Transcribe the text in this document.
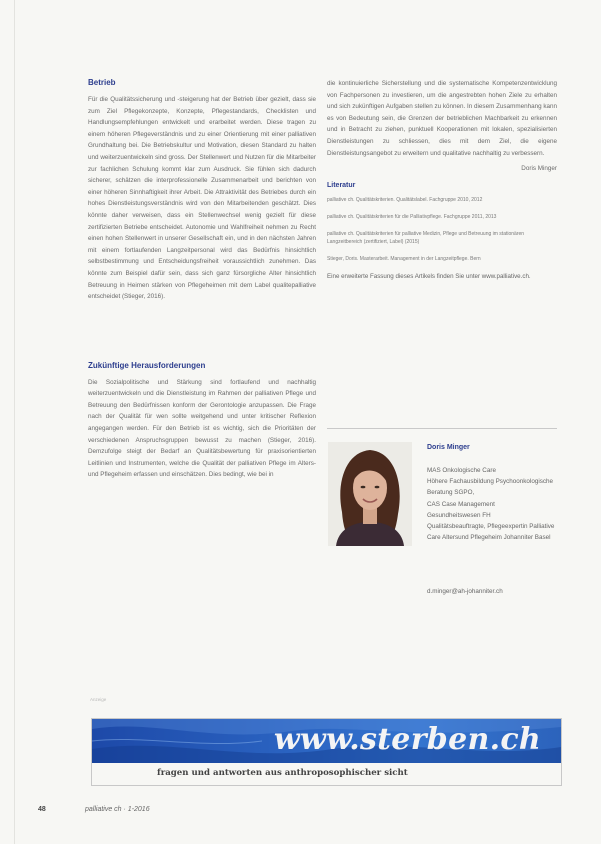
Betrieb

Für die Qualitätssicherung und -steigerung hat der Betrieb über gezielt, dass sie zum Ziel Pflegekonzepte, Konzepte, Pflegestandards, Checklisten und Handlungsempfehlungen entwickelt und erarbeitet werden. Diese tragen zu einem höheren Pflegeverständnis und zu einer Orientierung mit einer palliativen Grundhaltung bei. Die Betriebskultur und Motivation, diesen Standard zu halten und weiterzuentwickeln sind gross. Der Stellenwert und Nutzen für die Mitarbeiter zur fachlichen Schulung kommt klar zum Ausdruck. Sie fühlen sich dadurch sicherer, schätzen die interprofessionelle Zusammenarbeit und berichten von einer höheren Sinnhaftigkeit ihrer Arbeit. Die Attraktivität des Betriebes durch ein hohes Dienstleistungsverständnis wird von den Mitarbeitenden geschätzt. Dies könnte daher verweisen, dass ein Stellenwechsel wenig gezielt für diese zertifizierten Betriebe entscheidet. Autonomie und Wahlfreiheit nehmen zu Recht einen hohen Stellenwert in unserer Gesellschaft ein, und in den nächsten Jahren mit einem fortlaufenden Langzeitpersonal wird das Bedürfnis hinsichtlich selbstbestimmung und Entscheidungsfreiheit voraussichtlich zunehmen. Das könnte zum Beispiel dafür sein, dass sich ganz fürsorgliche Alter hinsichtlich Betreuung in Heimen stärken von Pflegeheimen mit dem Label qualitepalliative entscheidet (Stieger, 2016).

Zukünftige Herausforderungen

Die Sozialpolitische und Stärkung sind fortlaufend und nachhaltig weiterzuentwickeln und die Dienstleistung im Rahmen der palliativen Pflege und Betreuung den Bedürfnissen konform der Gerontologie anzupassen. Die Frage nach der Qualität für wen sollte weitgehend und unter kritischer Reflexion angegangen werden. Für den Betrieb ist es wichtig, sich die Prioritäten der verschiedenen Anspruchsgruppen bewusst zu machen (Stieger, 2016). Demzufolge steigt der Bedarf an Qualitätsbewertung für praxisorientierten Leitlinien und Instrumenten, welche die Qualität der palliativen Pflege im Alters- und Pflegeheim erfassen und einschätzen. Dies bedingt, wie bei in

die kontinuierliche Sicherstellung und die systematische Kompetenzentwicklung von Fachpersonen zu investieren, um die angestrebten hohen Ziele zu erhalten und sich zukünftigen Aufgaben stellen zu können. In diesem Zusammenhang kann es von Bedeutung sein, die Grenzen der betrieblichen Machbarkeit zu erkennen und in Betracht zu ziehen, punktuell Kooperationen mit lokalen, spezialisierten Dienstleistungen zu schliessen, dies mit dem Ziel, die eigene Dienstleistungsangebot zu erweitern und qualitative nachhaltig zu verbessern.

Doris Minger
Literatur
palliative ch. Qualitätskriterien. Qualitätslabel. Fachgruppe 2010, 2012
palliative ch. Qualitätskriterien für die Palliativpflege. Fachgruppe 2011, 2013
palliative ch. Qualitätskriterien für palliative Medizin, Pflege und Betreuung im stationären Langzeitbereich (zertifiziert, Label) (2015)
Stieger, Doris. Masterarbeit. Management in der Langzeitpflege. Bern

Eine erweiterte Fassung dieses Artikels finden Sie unter www.palliative.ch.

Doris Minger

MAS Onkologische Care
Höhere Fachausbildung Psychoonkologische Beratung SGPO,
CAS Case Management
Gesundheitswesen FH
Qualitätsbeauftragte, Pflegeexpertin Palliative Care Altersund Pflegeheim Johanniter Basel

d.minger@ah-johanniter.ch
Anzeige
www.sterben.ch
fragen und antworten aus anthroposophischer sicht
48	palliative ch · 1-2016
